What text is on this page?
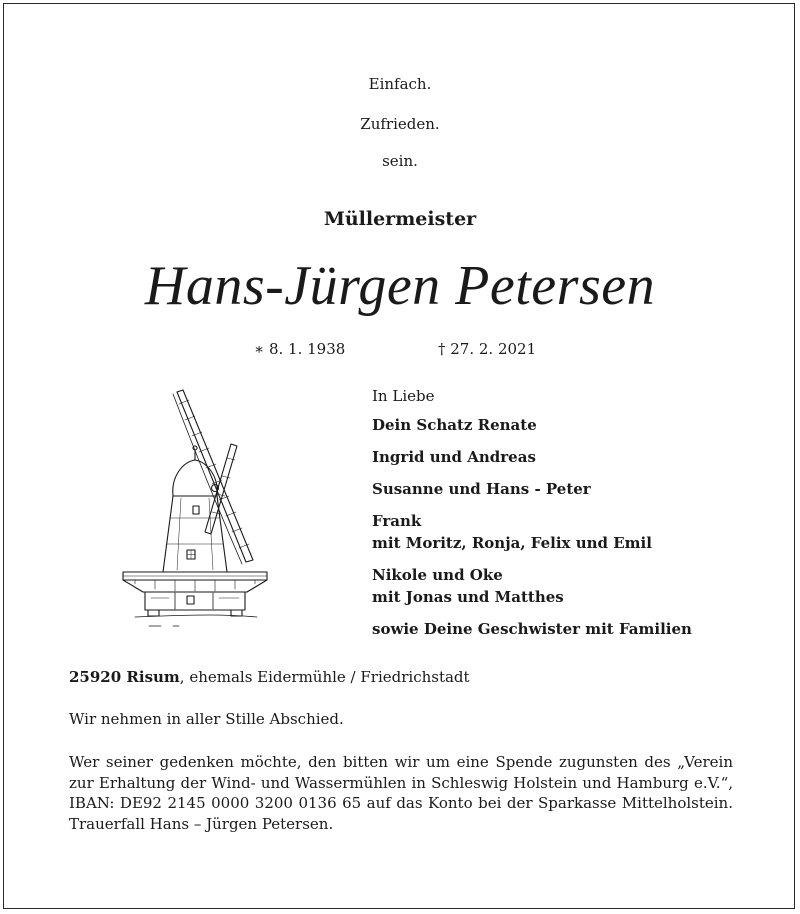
Einfach.
Zufrieden.
sein.
Müllermeister
Hans-Jürgen Petersen
∗ 8. 1. 1938	† 27. 2. 2021
In Liebe
Dein Schatz Renate
Ingrid und Andreas
Susanne und Hans - Peter
Frank
mit Moritz, Ronja, Felix und Emil
Nikole und Oke
mit Jonas und Matthes
sowie Deine Geschwister mit Familien
25920 Risum, ehemals Eidermühle / Friedrichstadt
Wir nehmen in aller Stille Abschied.
Wer seiner gedenken möchte, den bitten wir um eine Spende zugunsten des „Verein zur Erhaltung der Wind- und Wassermühlen in Schleswig Holstein und Hamburg e.V.“, IBAN: DE92 2145 0000 3200 0136 65 auf das Konto bei der Sparkasse Mittelholstein. Trauerfall Hans – Jürgen Petersen.
